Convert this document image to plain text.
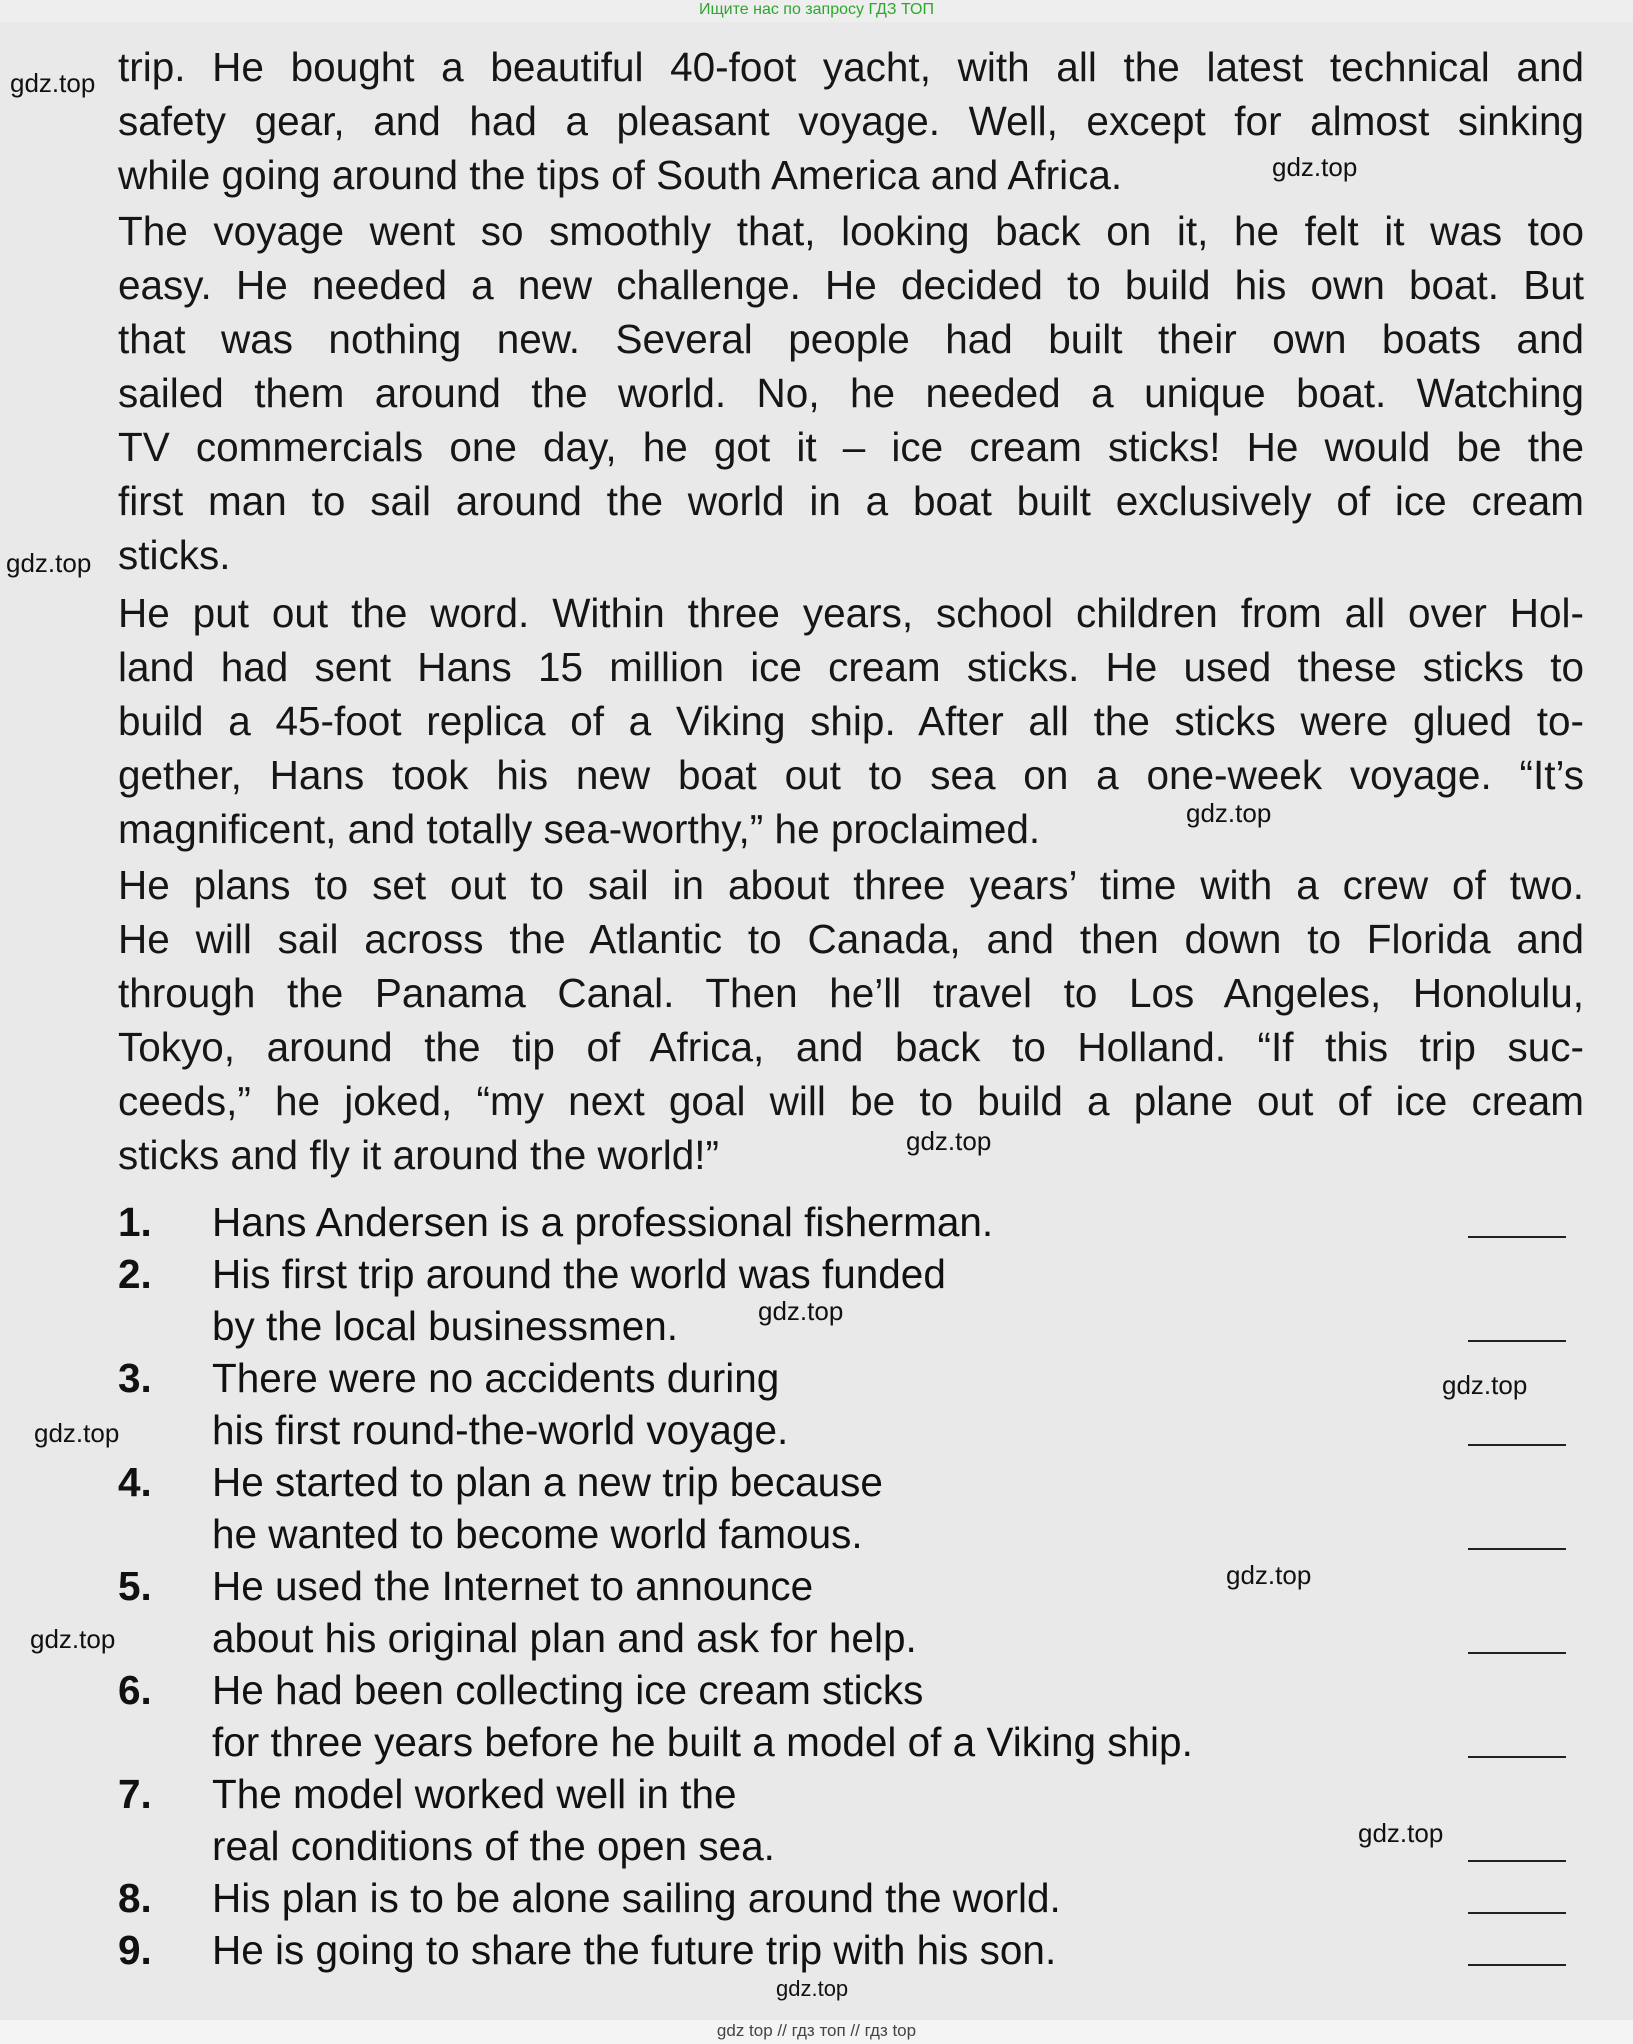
Ищите нас по запросу ГДЗ ТОП
trip. He bought a beautiful 40-foot yacht, with all the latest technical and
safety gear, and had a pleasant voyage. Well, except for almost sinking
while going around the tips of South America and Africa.
The voyage went so smoothly that, looking back on it, he felt it was too
easy. He needed a new challenge. He decided to build his own boat. But
that was nothing new. Several people had built their own boats and
sailed them around the world. No, he needed a unique boat. Watching
TV commercials one day, he got it – ice cream sticks! He would be the
first man to sail around the world in a boat built exclusively of ice cream
sticks.
He put out the word. Within three years, school children from all over Hol-
land had sent Hans 15 million ice cream sticks. He used these sticks to
build a 45-foot replica of a Viking ship. After all the sticks were glued to-
gether, Hans took his new boat out to sea on a one-week voyage. “It’s
magnificent, and totally sea-worthy,” he proclaimed.
He plans to set out to sail in about three years’ time with a crew of two.
He will sail across the Atlantic to Canada, and then down to Florida and
through the Panama Canal. Then he’ll travel to Los Angeles, Honolulu,
Tokyo, around the tip of Africa, and back to Holland. “If this trip suc-
ceeds,” he joked, “my next goal will be to build a plane out of ice cream
sticks and fly it around the world!”
1.	Hans Andersen is a professional fisherman.
2.	His first trip around the world was funded
by the local businessmen.
3.	There were no accidents during
his first round-the-world voyage.
4.	He started to plan a new trip because
he wanted to become world famous.
5.	He used the Internet to announce
about his original plan and ask for help.
6.	He had been collecting ice cream sticks
for three years before he built a model of a Viking ship.
7.	The model worked well in the
real conditions of the open sea.
8.	His plan is to be alone sailing around the world.
9.	He is going to share the future trip with his son.
gdz.top
gdz.top
gdz.top
gdz.top
gdz.top
gdz.top
gdz.top
gdz.top
gdz.top
gdz.top
gdz.top
gdz.top
gdz top // гдз топ // гдз top
